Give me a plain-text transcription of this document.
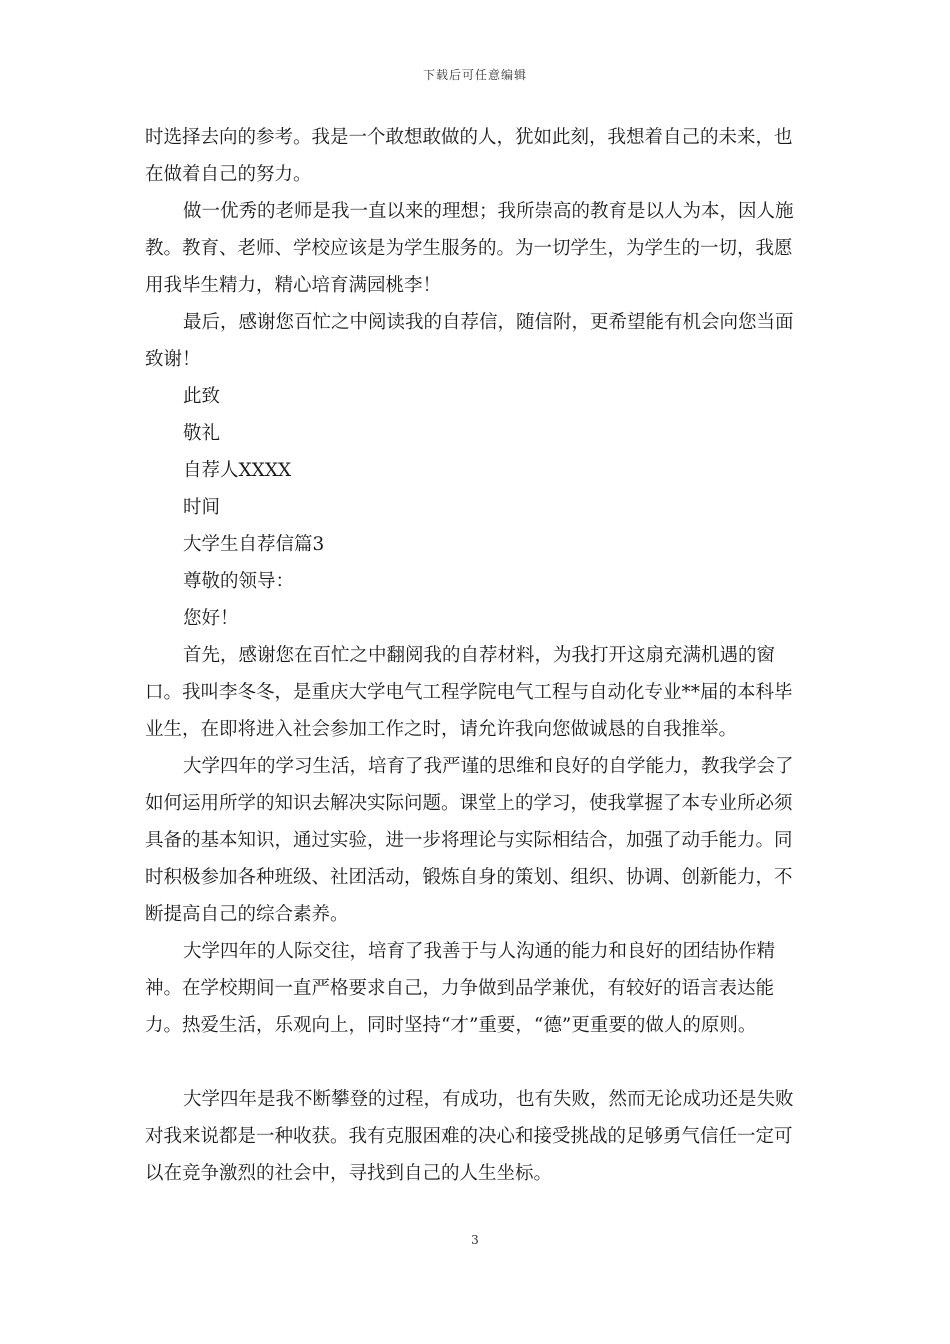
下载后可任意编辑

时选择去向的参考。我是一个敢想敢做的人，犹如此刻，我想着自己的未来，也在做着自己的努力。

做一优秀的老师是我一直以来的理想；我所崇高的教育是以人为本，因人施教。教育、老师、学校应该是为学生服务的。为一切学生，为学生的一切，我愿用我毕生精力，精心培育满园桃李！

最后，感谢您百忙之中阅读我的自荐信，随信附，更希望能有机会向您当面致谢！

此致

敬礼

自荐人XXXX

时间

大学生自荐信篇3

尊敬的领导：

您好！

首先，感谢您在百忙之中翻阅我的自荐材料，为我打开这扇充满机遇的窗口。我叫李冬冬，是重庆大学电气工程学院电气工程与自动化专业**届的本科毕业生，在即将进入社会参加工作之时，请允许我向您做诚恳的自我推举。

大学四年的学习生活，培育了我严谨的思维和良好的自学能力，教我学会了如何运用所学的知识去解决实际问题。课堂上的学习，使我掌握了本专业所必须具备的基本知识，通过实验，进一步将理论与实际相结合，加强了动手能力。同时积极参加各种班级、社团活动，锻炼自身的策划、组织、协调、创新能力，不断提高自己的综合素养。

大学四年的人际交往，培育了我善于与人沟通的能力和良好的团结协作精神。在学校期间一直严格要求自己，力争做到品学兼优，有较好的语言表达能力。热爱生活，乐观向上，同时坚持“才”重要，“德”更重要的做人的原则。

大学四年是我不断攀登的过程，有成功，也有失败，然而无论成功还是失败对我来说都是一种收获。我有克服困难的决心和接受挑战的足够勇气信任一定可以在竞争激烈的社会中，寻找到自己的人生坐标。

3
